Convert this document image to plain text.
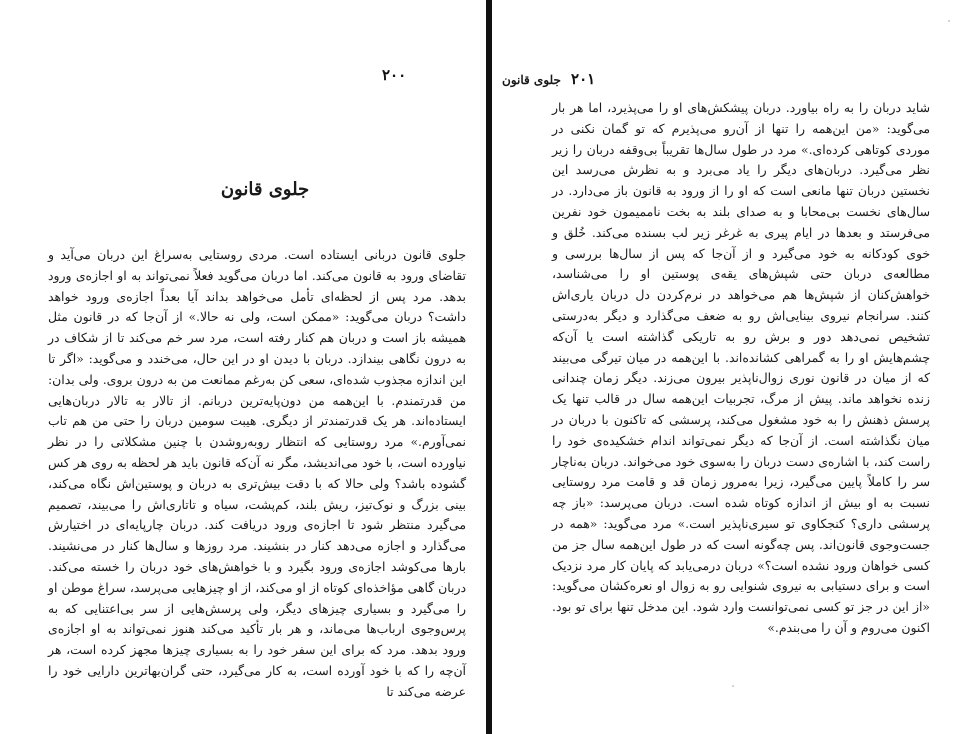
۲۰۰
جلوی قانون

جلوی قانون دربانی ایستاده است. مردی روستایی به‌سراغ این دربان می‌آید و تقاضای ورود به قانون می‌کند. اما دربان می‌گوید فعلاً نمی‌تواند به او اجازه‌ی ورود بدهد. مرد پس از لحظه‌ای تأمل می‌خواهد بداند آیا بعداً اجازه‌ی ورود خواهد داشت؟ دربان می‌گوید: «ممکن است، ولی نه حالا.» از آن‌جا که در قانون مثل همیشه باز است و دربان هم کنار رفته است، مرد سر خم می‌کند تا از شکاف در به درون نگاهی بیندازد. دربان با دیدن او در این حال، می‌خندد و می‌گوید: «اگر تا این اندازه مجذوب شده‌ای، سعی کن به‌رغم ممانعت من به درون بروی. ولی بدان: من قدرتمندم. با این‌همه من دون‌پایه‌ترین دربانم. از تالار به تالار دربان‌هایی ایستاده‌اند. هر یک قدرتمندتر از دیگری. هیبت سومین دربان را حتی من هم تاب نمی‌آورم.» مرد روستایی که انتظار روبه‌روشدن با چنین مشکلاتی را در نظر نیاورده است، با خود می‌اندیشد، مگر نه آن‌که قانون باید هر لحظه به روی هر کس گشوده باشد؟ ولی حالا که با دقت بیش‌تری به دربان و پوستین‌اش نگاه می‌کند، بینی بزرگ و نوک‌تیز، ریش بلند، کم‌پشت، سیاه و تاتاری‌اش را می‌بیند، تصمیم می‌گیرد منتظر شود تا اجازه‌ی ورود دریافت کند. دربان چارپایه‌ای در اختیارش می‌گذارد و اجازه می‌دهد کنار در بنشیند. مرد روزها و سال‌ها کنار در می‌نشیند. بارها می‌کوشد اجازه‌ی ورود بگیرد و با خواهش‌های خود دربان را خسته می‌کند. دربان گاهی مؤاخذه‌ای کوتاه از او می‌کند، از او چیزهایی می‌پرسد، سراغ موطن او را می‌گیرد و بسیاری چیزهای دیگر، ولی پرسش‌هایی از سر بی‌اعتنایی که به پرس‌وجوی ارباب‌ها می‌ماند، و هر بار تأکید می‌کند هنوز نمی‌تواند به او اجازه‌ی ورود بدهد. مرد که برای این سفر خود را به بسیاری چیزها مجهز کرده است، هر آن‌چه را که با خود آورده است، به کار می‌گیرد، حتی گران‌بهاترین دارایی خود را عرضه می‌کند تا

۲۰۱ جلوی قانون

شاید دربان را به راه بیاورد. دربان پیشکش‌های او را می‌پذیرد، اما هر بار می‌گوید: «من این‌همه را تنها از آن‌رو می‌پذیرم که تو گمان نکنی در موردی کوتاهی کرده‌ای.» مرد در طول سال‌ها تقریباً بی‌وقفه دربان را زیر نظر می‌گیرد. دربان‌های دیگر را یاد می‌برد و به نظرش می‌رسد این نخستین دربان تنها مانعی است که او را از ورود به قانون باز می‌دارد. در سال‌های نخست بی‌محابا و به صدای بلند به بخت ناممیمون خود نفرین می‌فرستد و بعدها در ایام پیری به غرغر زیر لب بسنده می‌کند. خُلق و خوی کودکانه به خود می‌گیرد و از آن‌جا که پس از سال‌ها بررسی و مطالعه‌ی دربان حتی شپش‌های یقه‌ی پوستین او را می‌شناسد، خواهش‌کنان از شپش‌ها هم می‌خواهد در نرم‌کردن دل دربان یاری‌اش کنند. سرانجام نیروی بینایی‌اش رو به ضعف می‌گذارد و دیگر به‌درستی تشخیص نمی‌دهد دور و برش رو به تاریکی گذاشته است یا آن‌که چشم‌هایش او را به گمراهی کشانده‌اند. با این‌همه در میان تیرگی می‌بیند که از میان در قانون نوری زوال‌ناپذیر بیرون می‌زند. دیگر زمان چندانی زنده نخواهد ماند. پیش از مرگ، تجربیات این‌همه سال در قالب تنها یک پرسش ذهنش را به خود مشغول می‌کند، پرسشی که تاکنون با دربان در میان نگذاشته است. از آن‌جا که دیگر نمی‌تواند اندام خشکیده‌ی خود را راست کند، با اشاره‌ی دست دربان را به‌سوی خود می‌خواند. دربان به‌ناچار سر را کاملاً پایین می‌گیرد، زیرا به‌مرور زمان قد و قامت مرد روستایی نسبت به او بیش از اندازه کوتاه شده است. دربان می‌پرسد: «باز چه پرسشی داری؟ کنجکاوی تو سیری‌ناپذیر است.» مرد می‌گوید: «همه در جست‌وجوی قانون‌اند. پس چه‌گونه است که در طول این‌همه سال جز من کسی خواهان ورود نشده است؟» دربان درمی‌یابد که پایان کار مرد نزدیک است و برای دستیابی به نیروی شنوایی رو به زوال او نعره‌کشان می‌گوید: «از این در جز تو کسی نمی‌توانست وارد شود. این مدخل تنها برای تو بود. اکنون می‌روم و آن را می‌بندم.»
